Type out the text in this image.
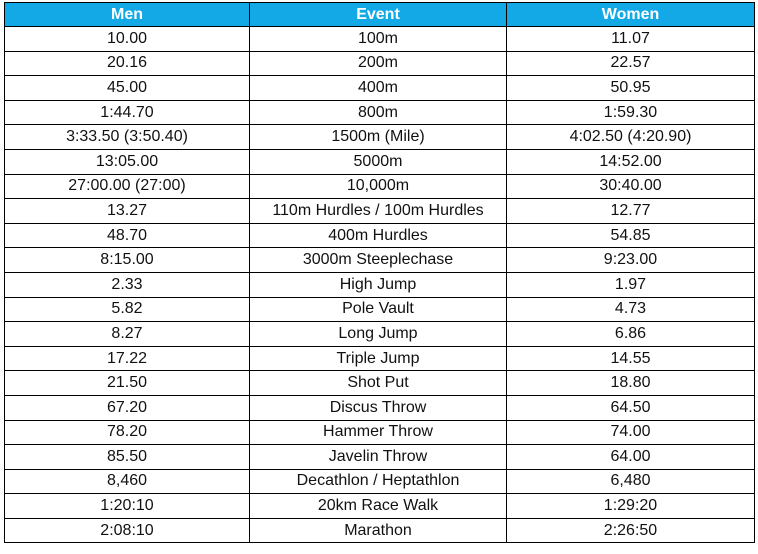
Men	Event	Women
10.00	100m	11.07
20.16	200m	22.57
45.00	400m	50.95
1:44.70	800m	1:59.30
3:33.50 (3:50.40)	1500m (Mile)	4:02.50 (4:20.90)
13:05.00	5000m	14:52.00
27:00.00 (27:00)	10,000m	30:40.00
13.27	110m Hurdles / 100m Hurdles	12.77
48.70	400m Hurdles	54.85
8:15.00	3000m Steeplechase	9:23.00
2.33	High Jump	1.97
5.82	Pole Vault	4.73
8.27	Long Jump	6.86
17.22	Triple Jump	14.55
21.50	Shot Put	18.80
67.20	Discus Throw	64.50
78.20	Hammer Throw	74.00
85.50	Javelin Throw	64.00
8,460	Decathlon / Heptathlon	6,480
1:20:10	20km Race Walk	1:29:20
2:08:10	Marathon	2:26:50
